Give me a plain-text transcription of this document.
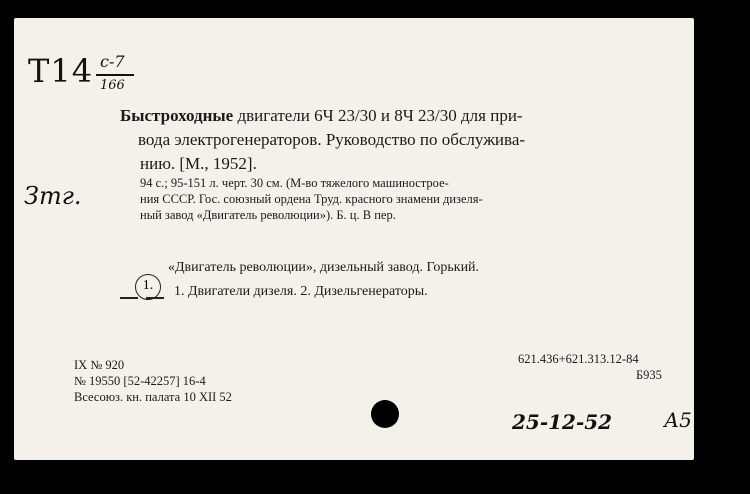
Т14 с-7
166
Зтг.
Быстроходные двигатели 6Ч 23/30 и 8Ч 23/30 для при-
вода электрогенераторов. Руководство по обслужива-
нию. [М., 1952].
94 с.; 95-151 л. черт. 30 см. (М-во тяжелого машинострое-
ния СССР. Гос. союзный ордена Труд. красного знамени дизеля-
ный завод «Двигатель революции»). Б. ц. В пер.
1.
«Двигатель революции», дизельный завод. Горький.
1. Двигатели дизеля. 2. Дизельгенераторы.
IX № 920
№ 19550 [52-42257] 16-4
Всесоюз. кн. палата 10 XII 52
621.436+621.313.12-84
Б935
25-12-52	А5
